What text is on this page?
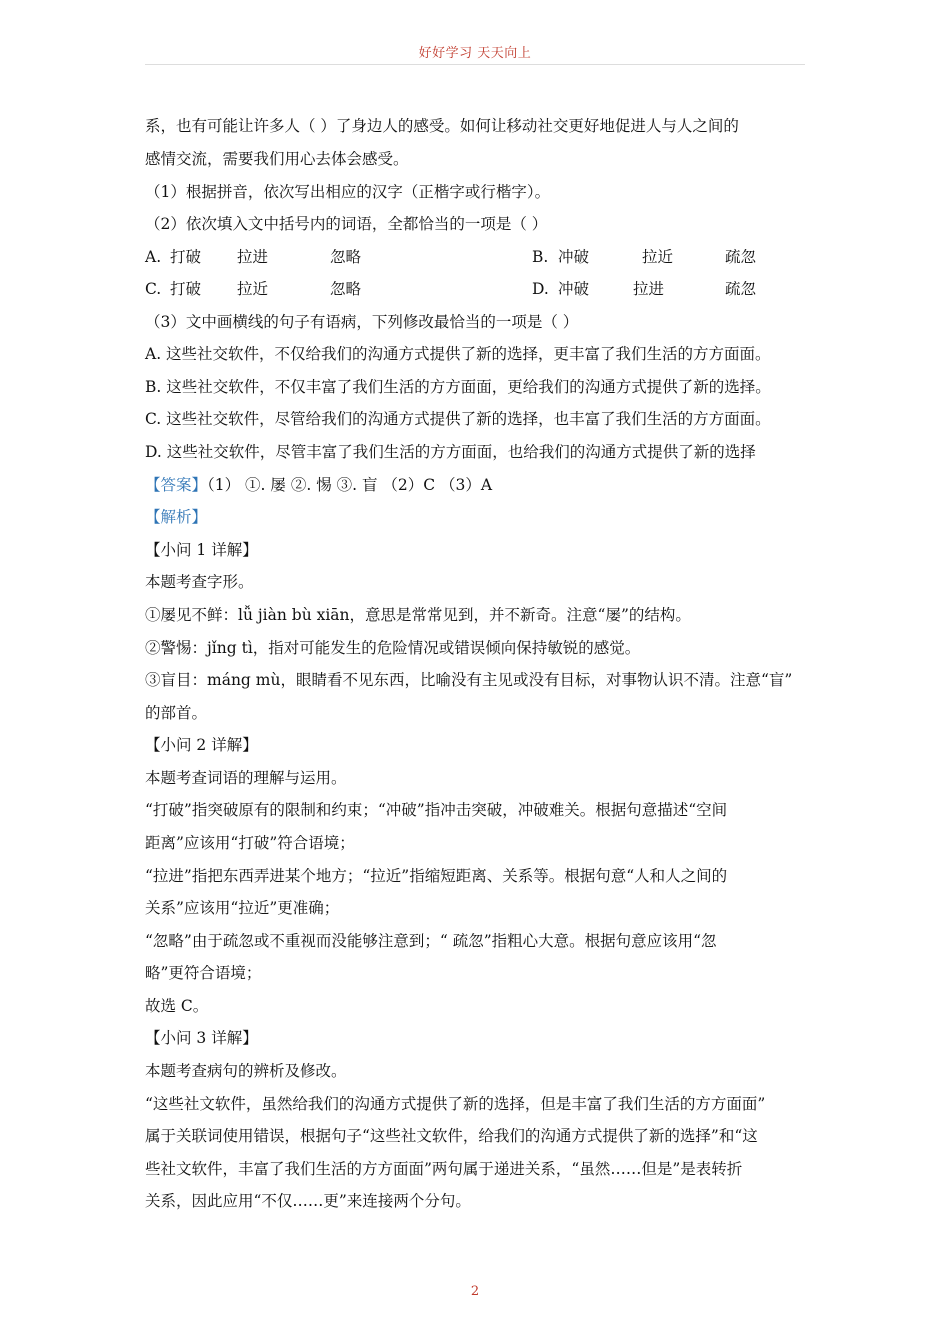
好好学习 天天向上
系，也有可能让许多人（ ）了身边人的感受。如何让移动社交更好地促进人与人之间的
感情交流，需要我们用心去体会感受。
（1）根据拼音，依次写出相应的汉字（正楷字或行楷字）。
（2）依次填入文中括号内的词语，全都恰当的一项是（ ）
A. 打破 拉进	忽略	B. 冲破	拉近	疏忽
C. 打破 拉近	忽略	D. 冲破	拉进	疏忽
（3）文中画横线的句子有语病，下列修改最恰当的一项是（ ）
A. 这些社交软件，不仅给我们的沟通方式提供了新的选择，更丰富了我们生活的方方面面。
B. 这些社交软件，不仅丰富了我们生活的方方面面，更给我们的沟通方式提供了新的选择。
C. 这些社交软件，尽管给我们的沟通方式提供了新的选择，也丰富了我们生活的方方面面。
D. 这些社交软件，尽管丰富了我们生活的方方面面，也给我们的沟通方式提供了新的选择
【答案】（1） ①. 屡 ②. 惕 ③. 盲 （2）C （3）A
【解析】
【小问 1 详解】
本题考查字形。
①屡见不鲜：lǚ jiàn bù xiān，意思是常常见到，并不新奇。注意“屡”的结构。
②警惕：jǐng tì，指对可能发生的危险情况或错误倾向保持敏锐的感觉。
③盲目：máng mù，眼睛看不见东西，比喻没有主见或没有目标，对事物认识不清。注意“盲”
的部首。
【小问 2 详解】
本题考查词语的理解与运用。
“打破”指突破原有的限制和约束；“冲破”指冲击突破，冲破难关。根据句意描述“空间
距离”应该用“打破”符合语境；
“拉进”指把东西弄进某个地方；“拉近”指缩短距离、关系等。根据句意“人和人之间的
关系”应该用“拉近”更准确；
“忽略”由于疏忽或不重视而没能够注意到；“ 疏忽”指粗心大意。根据句意应该用“忽
略”更符合语境；
故选 C。
【小问 3 详解】
本题考查病句的辨析及修改。
“这些社文软件，虽然给我们的沟通方式提供了新的选择，但是丰富了我们生活的方方面面”
属于关联词使用错误，根据句子“这些社文软件，给我们的沟通方式提供了新的选择”和“这
些社文软件，丰富了我们生活的方方面面”两句属于递进关系，“虽然……但是”是表转折
关系，因此应用“不仅……更”来连接两个分句。
2
